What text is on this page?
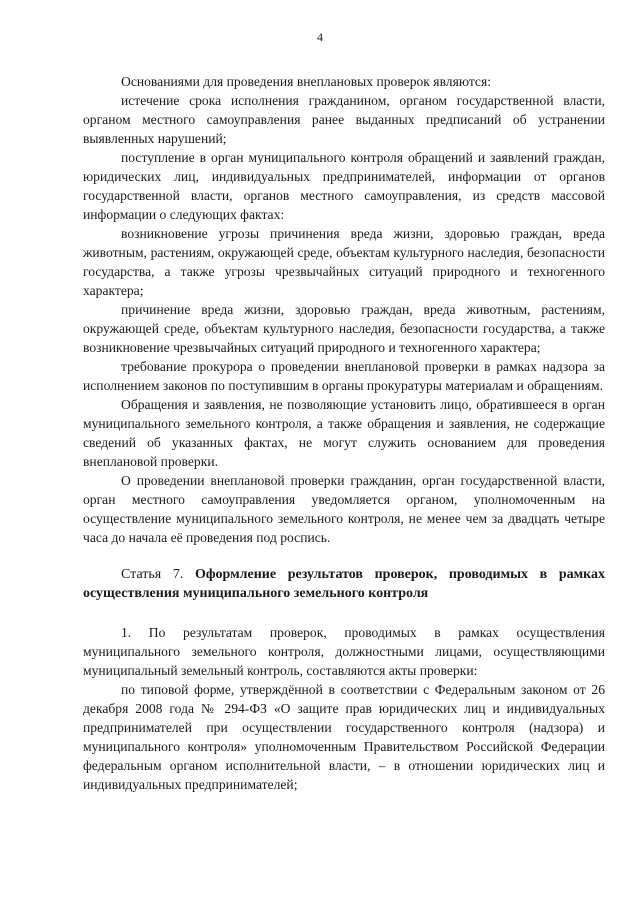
4

Основаниями для проведения внеплановых проверок являются:

истечение срока исполнения гражданином, органом государственной власти, органом местного самоуправления ранее выданных предписаний об устранении выявленных нарушений;

поступление в орган муниципального контроля обращений и заявлений граждан, юридических лиц, индивидуальных предпринимателей, информации от органов государственной власти, органов местного самоуправления, из средств массовой информации о следующих фактах:

возникновение угрозы причинения вреда жизни, здоровью граждан, вреда животным, растениям, окружающей среде, объектам культурного наследия, безопасности государства, а также угрозы чрезвычайных ситуаций природного и техногенного характера;

причинение вреда жизни, здоровью граждан, вреда животным, растениям, окружающей среде, объектам культурного наследия, безопасности государства, а также возникновение чрезвычайных ситуаций природного и техногенного характера;

требование прокурора о проведении внеплановой проверки в рамках надзора за исполнением законов по поступившим в органы прокуратуры материалам и обращениям.

Обращения и заявления, не позволяющие установить лицо, обратившееся в орган муниципального земельного контроля, а также обращения и заявления, не содержащие сведений об указанных фактах, не могут служить основанием для проведения внеплановой проверки.

О проведении внеплановой проверки гражданин, орган государственной власти, орган местного самоуправления уведомляется органом, уполномоченным на осуществление муниципального земельного контроля, не менее чем за двадцать четыре часа до начала её проведения под роспись.

Статья 7. Оформление результатов проверок, проводимых в рамках осуществления муниципального земельного контроля

1. По результатам проверок, проводимых в рамках осуществления муниципального земельного контроля, должностными лицами, осуществляющими муниципальный земельный контроль, составляются акты проверки:

по типовой форме, утверждённой в соответствии с Федеральным законом от 26 декабря 2008 года № 294-ФЗ «О защите прав юридических лиц и индивидуальных предпринимателей при осуществлении государственного контроля (надзора) и муниципального контроля» уполномоченным Правительством Российской Федерации федеральным органом исполнительной власти, – в отношении юридических лиц и индивидуальных предпринимателей;
